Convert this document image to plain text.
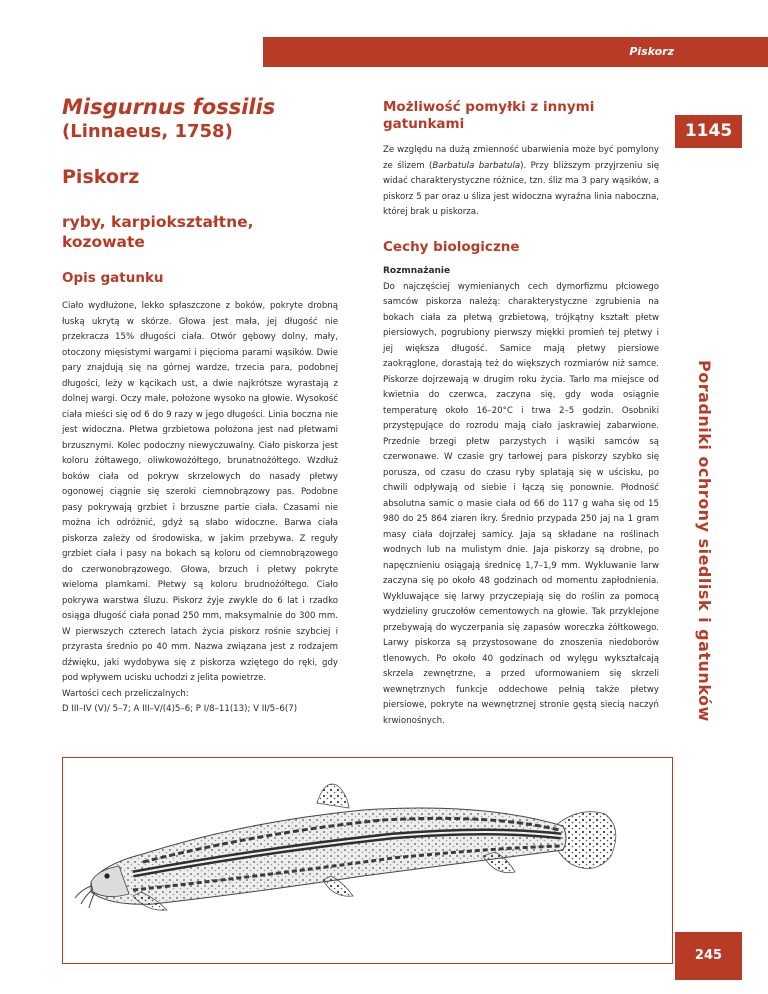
Piskorz
Misgurnus fossilis
(Linnaeus, 1758)
Piskorz
ryby, karpiokształtne,
kozowate
Opis gatunku

Ciało wydłużone, lekko spłaszczone z boków, pokryte drobną łuską ukrytą w skórze. Głowa jest mała, jej długość nie przekracza 15% długości ciała. Otwór gębowy dolny, mały, otoczony mięsistymi wargami i pięcioma parami wąsików. Dwie pary znajdują się na górnej wardze, trzecia para, podobnej długości, leży w kącikach ust, a dwie najkrótsze wyrastają z dolnej wargi. Oczy małe, położone wysoko na głowie. Wysokość ciała mieści się od 6 do 9 razy w jego długości. Linia boczna nie jest widoczna. Płetwa grzbietowa położona jest nad płetwami brzusznymi. Kolec podoczny niewyczuwalny. Ciało piskorza jest koloru żółtawego, oliwkowożółtego, brunatnożółtego. Wzdłuż boków ciała od pokryw skrzelowych do nasady płetwy ogonowej ciągnie się szeroki ciemnobrązowy pas. Podobne pasy pokrywają grzbiet i brzuszne partie ciała. Czasami nie można ich odróżnić, gdyż są słabo widoczne. Barwa ciała piskorza zależy od środowiska, w jakim przebywa. Z reguły grzbiet ciała i pasy na bokach są koloru od ciemnobrązowego do czerwonobrązowego. Głowa, brzuch i płetwy pokryte wieloma plamkami. Płetwy są koloru brudnożółtego. Ciało pokrywa warstwa śluzu. Piskorz żyje zwykle do 6 lat i rzadko osiąga długość ciała ponad 250 mm, maksymalnie do 300 mm. W pierwszych czterech latach życia piskorz rośnie szybciej i przyrasta średnio po 40 mm. Nazwa związana jest z rodzajem dźwięku, jaki wydobywa się z piskorza wziętego do ręki, gdy pod wpływem ucisku uchodzi z jelita powietrze.

Wartości cech przeliczalnych:

D III–IV (V)/ 5–7; A III–V/(4)5–6; P I/8–11(13); V II/5–6(7)

Możliwość pomyłki z innymi
gatunkami

Ze względu na dużą zmienność ubarwienia może być pomylony ze ślizem (Barbatula barbatula). Przy bliższym przyjrzeniu się widać charakterystyczne różnice, tzn. śliz ma 3 pary wąsików, a piskorz 5 par oraz u śliza jest widoczna wyraźna linia naboczna, której brak u piskorza.

Cechy biologiczne

Rozmnażanie

Do najczęściej wymienianych cech dymorfizmu płciowego samców piskorza należą: charakterystyczne zgrubienia na bokach ciała za płetwą grzbietową, trójkątny kształt płetw piersiowych, pogrubiony pierwszy miękki promień tej płetwy i jej większa długość. Samice mają płetwy piersiowe zaokrąglone, dorastają też do większych rozmiarów niż samce. Piskorze dojrzewają w drugim roku życia. Tarło ma miejsce od kwietnia do czerwca, zaczyna się, gdy woda osiągnie temperaturę około 16–20°C i trwa 2–5 godzin. Osobniki przystępujące do rozrodu mają ciało jaskrawiej zabarwione. Przednie brzegi płetw parzystych i wąsiki samców są czerwonawe. W czasie gry tarłowej para piskorzy szybko się porusza, od czasu do czasu ryby splatają się w uścisku, po chwili odpływają od siebie i łączą się ponownie. Płodność absolutna samic o masie ciała od 66 do 117 g waha się od 15 980 do 25 864 ziaren ikry. Średnio przypada 250 jaj na 1 gram masy ciała dojrzałej samicy. Jaja są składane na roślinach wodnych lub na mulistym dnie. Jaja piskorzy są drobne, po napęcznieniu osiągają średnicę 1,7–1,9 mm. Wykluwanie larw zaczyna się po około 48 godzinach od momentu zapłodnienia. Wykluwające się larwy przyczepiają się do roślin za pomocą wydzieliny gruczołów cementowych na głowie. Tak przyklejone przebywają do wyczerpania się zapasów woreczka żółtkowego. Larwy piskorza są przystosowane do znoszenia niedoborów tlenowych. Po około 40 godzinach od wylęgu wykształcają skrzela zewnętrzne, a przed uformowaniem się skrzeli wewnętrznych funkcje oddechowe pełnią także płetwy piersiowe, pokryte na wewnętrznej stronie gęstą siecią naczyń krwionośnych.

1145
Poradniki ochrony siedlisk i gatunków
245
